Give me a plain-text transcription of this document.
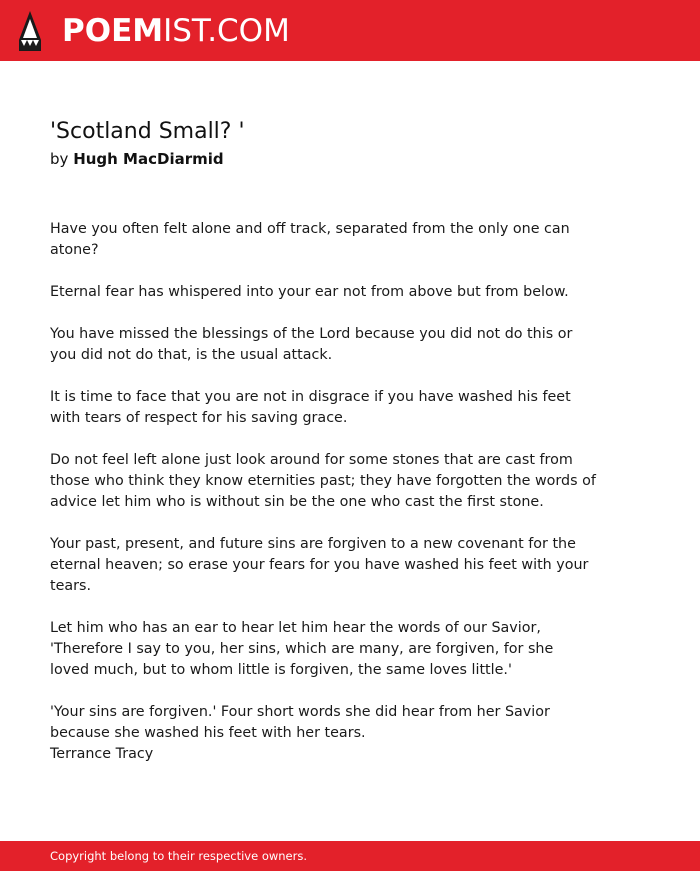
POEMIST.COM
'Scotland Small? '
by Hugh MacDiarmid
Have you often felt alone and off track, separated from the only one can
atone?
Eternal fear has whispered into your ear not from above but from below.
You have missed the blessings of the Lord because you did not do this or
you did not do that, is the usual attack.
It is time to face that you are not in disgrace if you have washed his feet
with tears of respect for his saving grace.
Do not feel left alone just look around for some stones that are cast from
those who think they know eternities past; they have forgotten the words of
advice let him who is without sin be the one who cast the first stone.
Your past, present, and future sins are forgiven to a new covenant for the
eternal heaven; so erase your fears for you have washed his feet with your
tears.
Let him who has an ear to hear let him hear the words of our Savior,
'Therefore I say to you, her sins, which are many, are forgiven, for she
loved much, but to whom little is forgiven, the same loves little.'
'Your sins are forgiven.' Four short words she did hear from her Savior
because she washed his feet with her tears.
Terrance Tracy
Copyright belong to their respective owners.
